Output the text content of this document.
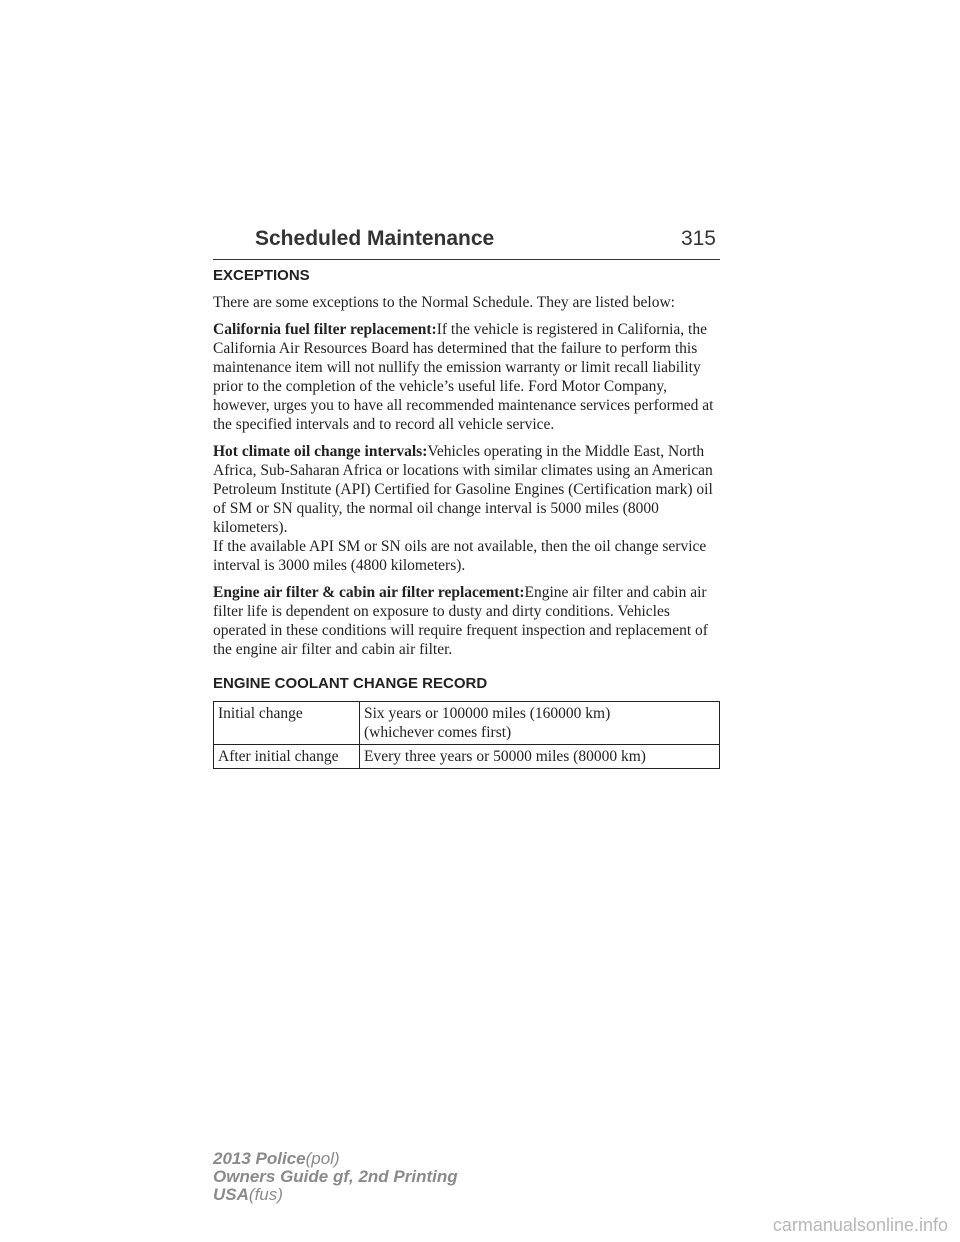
Scheduled Maintenance	315
EXCEPTIONS

There are some exceptions to the Normal Schedule. They are listed below:

California fuel filter replacement:If the vehicle is registered in California, the California Air Resources Board has determined that the failure to perform this maintenance item will not nullify the emission warranty or limit recall liability prior to the completion of the vehicle’s useful life. Ford Motor Company, however, urges you to have all recommended maintenance services performed at the specified intervals and to record all vehicle service.

Hot climate oil change intervals:Vehicles operating in the Middle East, North Africa, Sub-Saharan Africa or locations with similar climates using an American Petroleum Institute (API) Certified for Gasoline Engines (Certification mark) oil of SM or SN quality, the normal oil change interval is 5000 miles (8000 kilometers).

If the available API SM or SN oils are not available, then the oil change service interval is 3000 miles (4800 kilometers).

Engine air filter & cabin air filter replacement:Engine air filter and cabin air filter life is dependent on exposure to dusty and dirty conditions. Vehicles operated in these conditions will require frequent inspection and replacement of the engine air filter and cabin air filter.

ENGINE COOLANT CHANGE RECORD
Initial change	Six years or 100000 miles (160000 km)
(whichever comes first)

After initial change	Every three years or 50000 miles (80000 km)
2013 Police(pol)
Owners Guide gf, 2nd Printing
USA(fus)
carmanualsonline.info
